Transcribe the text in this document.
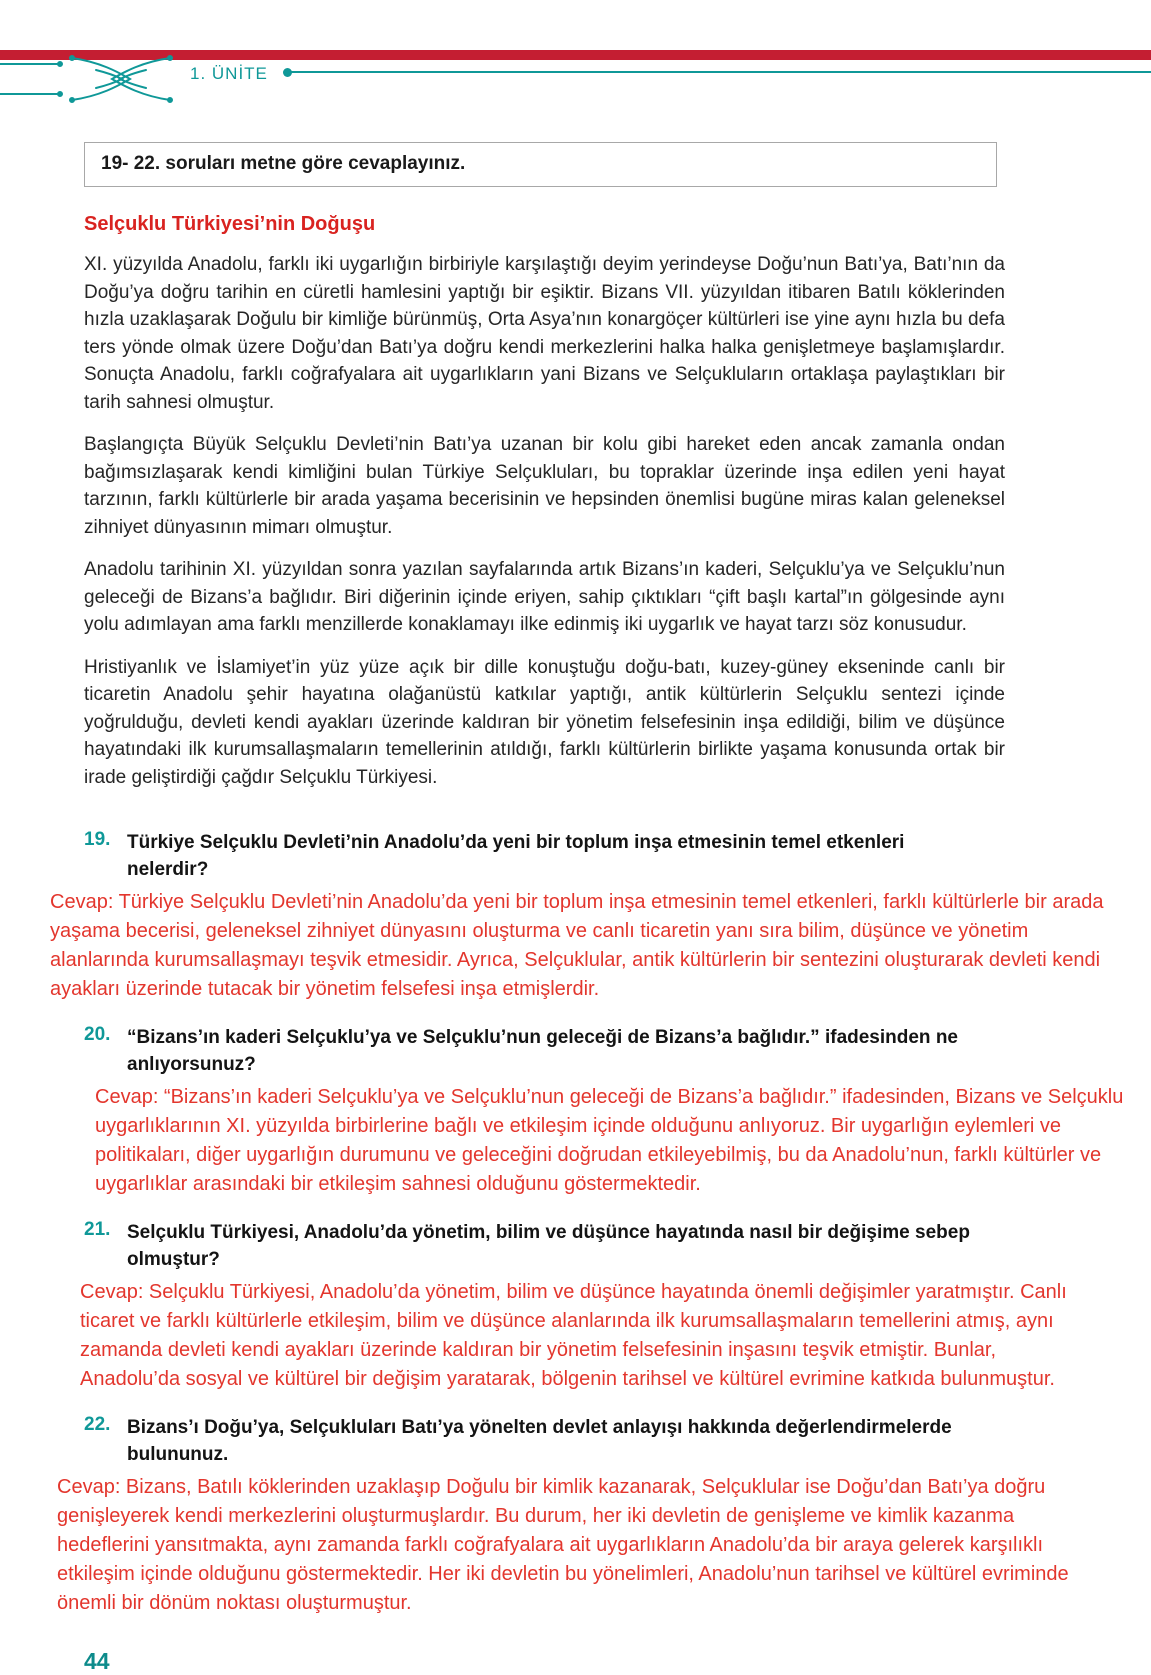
1. ÜNİTE
19- 22. soruları metne göre cevaplayınız.
Selçuklu Türkiyesi’nin Doğuşu

XI. yüzyılda Anadolu, farklı iki uygarlığın birbiriyle karşılaştığı deyim yerindeyse Doğu’nun Batı’ya, Batı’nın da Doğu’ya doğru tarihin en cüretli hamlesini yaptığı bir eşiktir. Bizans VII. yüzyıldan itibaren Batılı köklerinden hızla uzaklaşarak Doğulu bir kimliğe bürünmüş, Orta Asya’nın konargöçer kültürleri ise yine aynı hızla bu defa ters yönde olmak üzere Doğu’dan Batı’ya doğru kendi merkezlerini halka halka genişletmeye başlamışlardır. Sonuçta Anadolu, farklı coğrafyalara ait uygarlıkların yani Bizans ve Selçukluların ortaklaşa paylaştıkları bir tarih sahnesi olmuştur.

Başlangıçta Büyük Selçuklu Devleti’nin Batı’ya uzanan bir kolu gibi hareket eden ancak zamanla ondan bağımsızlaşarak kendi kimliğini bulan Türkiye Selçukluları, bu topraklar üzerinde inşa edilen yeni hayat tarzının, farklı kültürlerle bir arada yaşama becerisinin ve hepsinden önemlisi bugüne miras kalan geleneksel zihniyet dünyasının mimarı olmuştur.

Anadolu tarihinin XI. yüzyıldan sonra yazılan sayfalarında artık Bizans’ın kaderi, Selçuklu’ya ve Selçuklu’nun geleceği de Bizans’a bağlıdır. Biri diğerinin içinde eriyen, sahip çıktıkları “çift başlı kartal”ın gölgesinde aynı yolu adımlayan ama farklı menzillerde konaklamayı ilke edinmiş iki uygarlık ve hayat tarzı söz konusudur.

Hristiyanlık ve İslamiyet’in yüz yüze açık bir dille konuştuğu doğu-batı, kuzey-güney ekseninde canlı bir ticaretin Anadolu şehir hayatına olağanüstü katkılar yaptığı, antik kültürlerin Selçuklu sentezi içinde yoğrulduğu, devleti kendi ayakları üzerinde kaldıran bir yönetim felsefesinin inşa edildiği, bilim ve düşünce hayatındaki ilk kurumsallaşmaların temellerinin atıldığı, farklı kültürlerin birlikte yaşama konusunda ortak bir irade geliştirdiği çağdır Selçuklu Türkiyesi.

19. Türkiye Selçuklu Devleti’nin Anadolu’da yeni bir toplum inşa etmesinin temel etkenleri nelerdir?
Cevap: Türkiye Selçuklu Devleti’nin Anadolu’da yeni bir toplum inşa etmesinin temel etkenleri, farklı kültürlerle bir arada yaşama becerisi, geleneksel zihniyet dünyasını oluşturma ve canlı ticaretin yanı sıra bilim, düşünce ve yönetim alanlarında kurumsallaşmayı teşvik etmesidir. Ayrıca, Selçuklular, antik kültürlerin bir sentezini oluşturarak devleti kendi ayakları üzerinde tutacak bir yönetim felsefesi inşa etmişlerdir.
20. “Bizans’ın kaderi Selçuklu’ya ve Selçuklu’nun geleceği de Bizans’a bağlıdır.” ifadesinden ne anlıyorsunuz?
Cevap: “Bizans’ın kaderi Selçuklu’ya ve Selçuklu’nun geleceği de Bizans’a bağlıdır.” ifadesinden, Bizans ve Selçuklu uygarlıklarının XI. yüzyılda birbirlerine bağlı ve etkileşim içinde olduğunu anlıyoruz. Bir uygarlığın eylemleri ve politikaları, diğer uygarlığın durumunu ve geleceğini doğrudan etkileyebilmiş, bu da Anadolu’nun, farklı kültürler ve uygarlıklar arasındaki bir etkileşim sahnesi olduğunu göstermektedir.
21. Selçuklu Türkiyesi, Anadolu’da yönetim, bilim ve düşünce hayatında nasıl bir değişime sebep olmuştur?
Cevap: Selçuklu Türkiyesi, Anadolu’da yönetim, bilim ve düşünce hayatında önemli değişimler yaratmıştır. Canlı ticaret ve farklı kültürlerle etkileşim, bilim ve düşünce alanlarında ilk kurumsallaşmaların temellerini atmış, aynı zamanda devleti kendi ayakları üzerinde kaldıran bir yönetim felsefesinin inşasını teşvik etmiştir. Bunlar, Anadolu’da sosyal ve kültürel bir değişim yaratarak, bölgenin tarihsel ve kültürel evrimine katkıda bulunmuştur.
22. Bizans’ı Doğu’ya, Selçukluları Batı’ya yönelten devlet anlayışı hakkında değerlendirmelerde bulununuz.
Cevap: Bizans, Batılı köklerinden uzaklaşıp Doğulu bir kimlik kazanarak, Selçuklular ise Doğu’dan Batı’ya doğru genişleyerek kendi merkezlerini oluşturmuşlardır. Bu durum, her iki devletin de genişleme ve kimlik kazanma hedeflerini yansıtmakta, aynı zamanda farklı coğrafyalara ait uygarlıkların Anadolu’da bir araya gelerek karşılıklı etkileşim içinde olduğunu göstermektedir. Her iki devletin bu yönelimleri, Anadolu’nun tarihsel ve kültürel evriminde önemli bir dönüm noktası oluşturmuştur.
44
